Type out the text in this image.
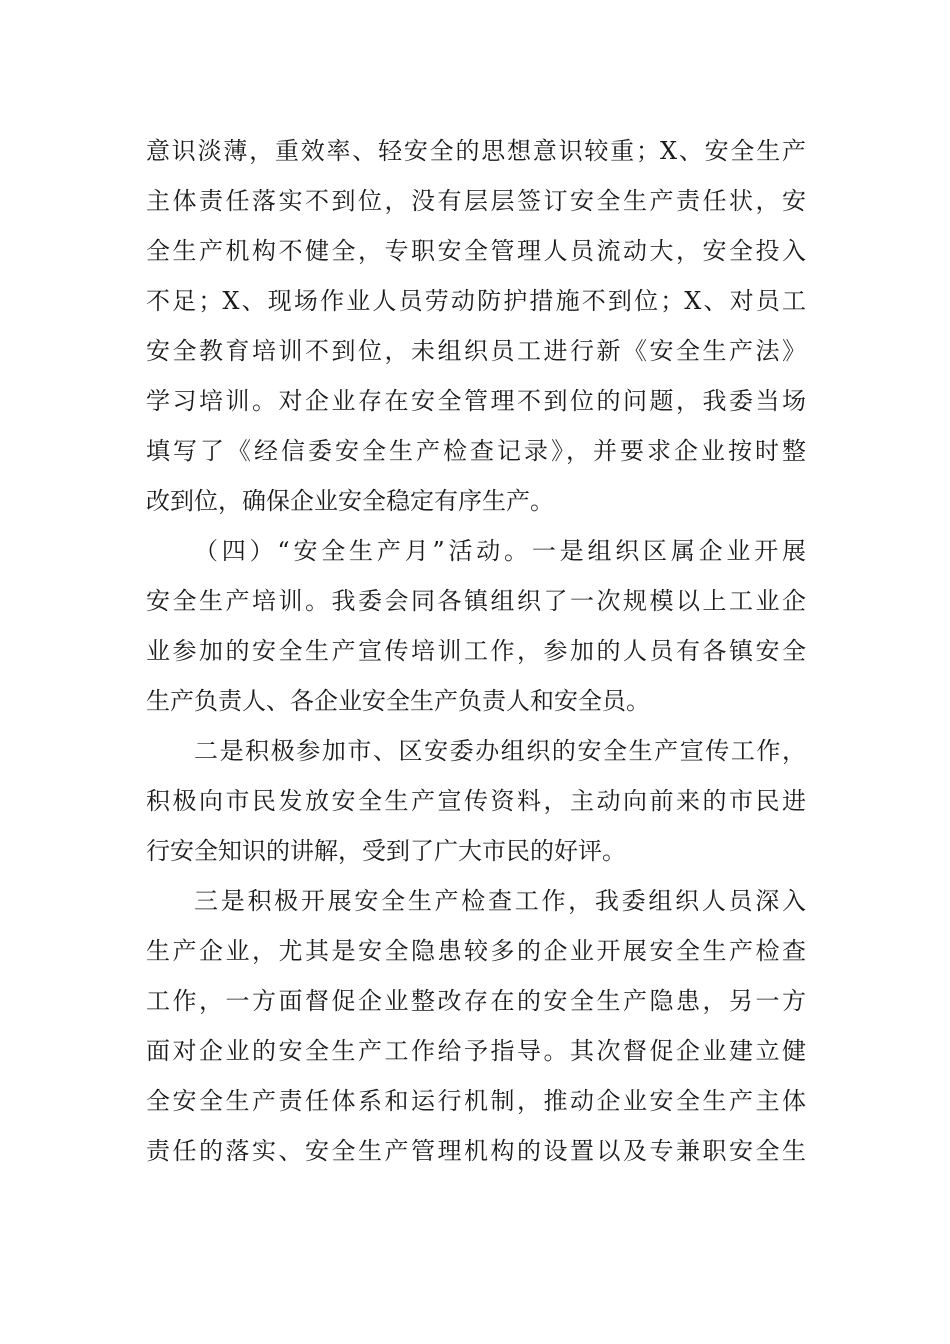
意识淡薄，重效率、轻安全的思想意识较重；X、安全生产
主体责任落实不到位，没有层层签订安全生产责任状，安
全生产机构不健全，专职安全管理人员流动大，安全投入
不足；X、现场作业人员劳动防护措施不到位；X、对员工
安全教育培训不到位，未组织员工进行新《安全生产法》
学习培训。对企业存在安全管理不到位的问题，我委当场
填写了《经信委安全生产检查记录》，并要求企业按时整
改到位，确保企业安全稳定有序生产。
（四）“安全生产月”活动。一是组织区属企业开展
安全生产培训。我委会同各镇组织了一次规模以上工业企
业参加的安全生产宣传培训工作，参加的人员有各镇安全
生产负责人、各企业安全生产负责人和安全员。
二是积极参加市、区安委办组织的安全生产宣传工作，
积极向市民发放安全生产宣传资料，主动向前来的市民进
行安全知识的讲解，受到了广大市民的好评。
三是积极开展安全生产检查工作，我委组织人员深入
生产企业，尤其是安全隐患较多的企业开展安全生产检查
工作，一方面督促企业整改存在的安全生产隐患，另一方
面对企业的安全生产工作给予指导。其次督促企业建立健
全安全生产责任体系和运行机制，推动企业安全生产主体
责任的落实、安全生产管理机构的设置以及专兼职安全生
